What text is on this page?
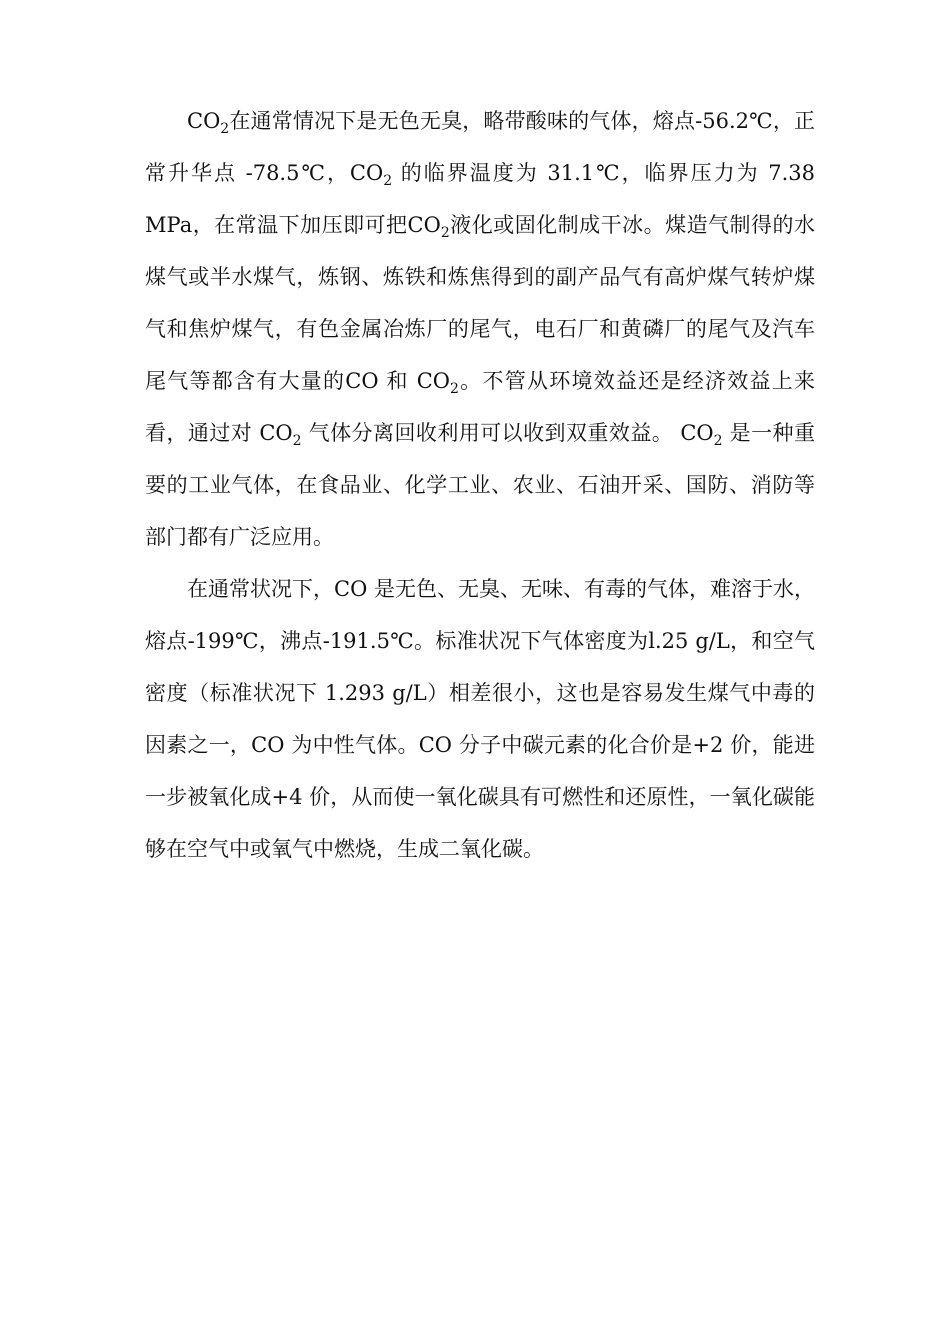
$CO_2$在通常情况下是无色无臭，略带酸味的气体，熔点-56.2℃，正常升华点 -78.5℃，$CO_2$ 的临界温度为 31.1℃，临界压力为 7.38 MPa，在常温下加压即可把$CO_2$液化或固化制成干冰。煤造气制得的水煤气或半水煤气，炼钢、炼铁和炼焦得到的副产品气有高炉煤气转炉煤气和焦炉煤气，有色金属冶炼厂的尾气，电石厂和黄磷厂的尾气及汽车尾气等都含有大量的CO 和 $CO_2$。不管从环境效益还是经济效益上来看，通过对 $CO_2$ 气体分离回收利用可以收到双重效益。 $CO_2$ 是一种重要的工业气体，在食品业、化学工业、农业、石油开采、国防、消防等部门都有广泛应用。

在通常状况下，CO 是无色、无臭、无味、有毒的气体，难溶于水，熔点-199℃，沸点-191.5℃。标准状况下气体密度为l.25 g/L，和空气密度（标准状况下 1.293 g/L）相差很小，这也是容易发生煤气中毒的因素之一，CO 为中性气体。CO 分子中碳元素的化合价是+2 价，能进一步被氧化成+4 价，从而使一氧化碳具有可燃性和还原性，一氧化碳能够在空气中或氧气中燃烧，生成二氧化碳。
